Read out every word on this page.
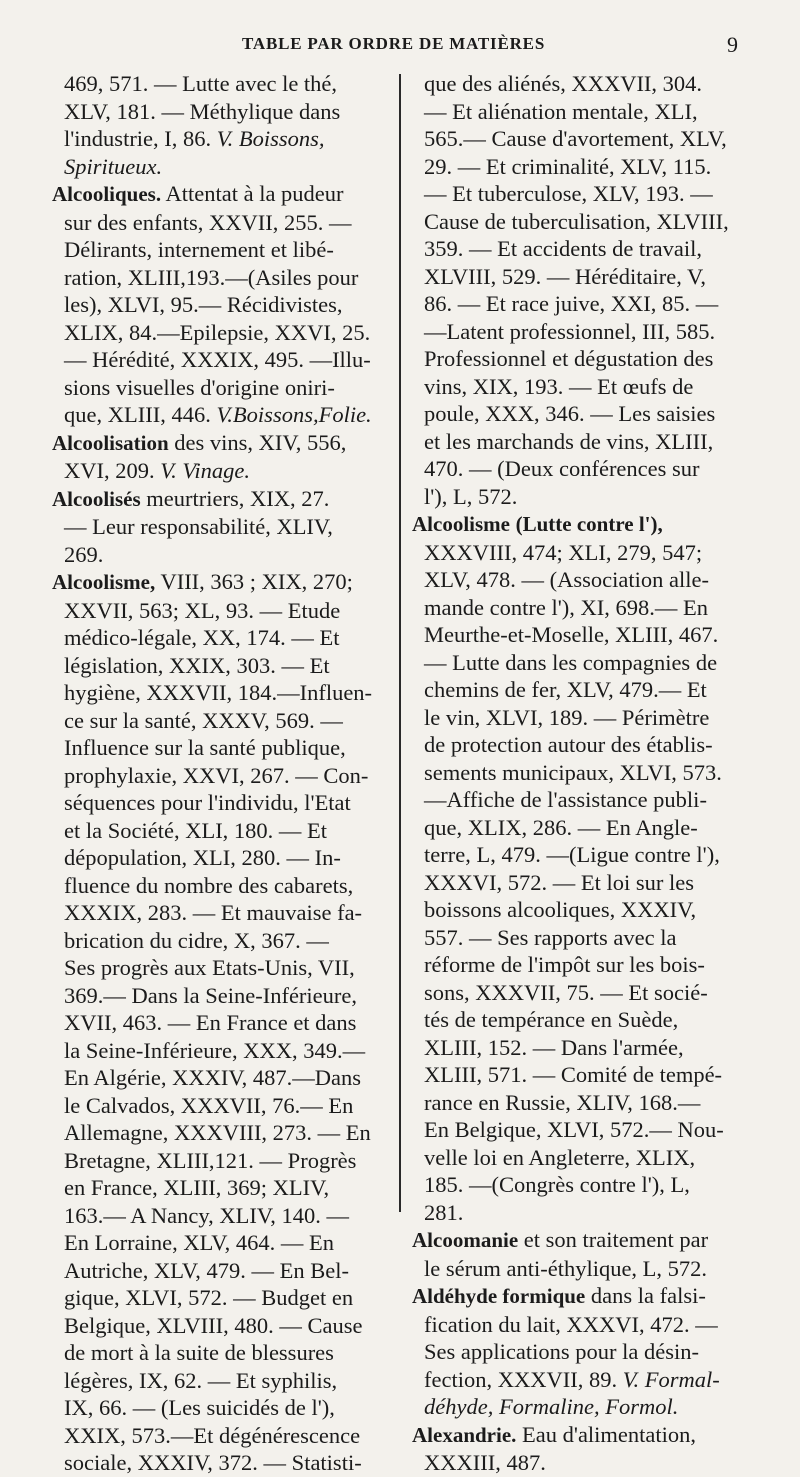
TABLE PAR ORDRE DE MATIÈRES	9
469, 571. — Lutte avec le thé,
XLV, 181. — Méthylique dans
l'industrie, I, 86. V. Boissons,
Spiritueux.
Alcooliques. Attentat à la pudeur
sur des enfants, XXVII, 255. —
Délirants, internement et libé-
ration, XLIII,193.—(Asiles pour
les), XLVI, 95.— Récidivistes,
XLIX, 84.—Epilepsie, XXVI, 25.
— Hérédité, XXXIX, 495. —Illu-
sions visuelles d'origine oniri-
que, XLIII, 446. V.Boissons,Folie.
Alcoolisation des vins, XIV, 556,
XVI, 209. V. Vinage.
Alcoolisés meurtriers, XIX, 27.
— Leur responsabilité, XLIV,
269.
Alcoolisme, VIII, 363 ; XIX, 270;
XXVII, 563; XL, 93. — Etude
médico-légale, XX, 174. — Et
législation, XXIX, 303. — Et
hygiène, XXXVII, 184.—Influen-
ce sur la santé, XXXV, 569. —
Influence sur la santé publique,
prophylaxie, XXVI, 267. — Con-
séquences pour l'individu, l'Etat
et la Société, XLI, 180. — Et
dépopulation, XLI, 280. — In-
fluence du nombre des cabarets,
XXXIX, 283. — Et mauvaise fa-
brication du cidre, X, 367. —
Ses progrès aux Etats-Unis, VII,
369.— Dans la Seine-Inférieure,
XVII, 463. — En France et dans
la Seine-Inférieure, XXX, 349.—
En Algérie, XXXIV, 487.—Dans
le Calvados, XXXVII, 76.— En
Allemagne, XXXVIII, 273. — En
Bretagne, XLIII,121. — Progrès
en France, XLIII, 369; XLIV,
163.— A Nancy, XLIV, 140. —
En Lorraine, XLV, 464. — En
Autriche, XLV, 479. — En Bel-
gique, XLVI, 572. — Budget en
Belgique, XLVIII, 480. — Cause
de mort à la suite de blessures
légères, IX, 62. — Et syphilis,
IX, 66. — (Les suicidés de l'),
XXIX, 573.—Et dégénérescence
sociale, XXXIV, 372. — Statisti-
que des aliénés, XXXVII, 304.
— Et aliénation mentale, XLI,
565.— Cause d'avortement, XLV,
29. — Et criminalité, XLV, 115.
— Et tuberculose, XLV, 193. —
Cause de tuberculisation, XLVIII,
359. — Et accidents de travail,
XLVIII, 529. — Héréditaire, V,
86. — Et race juive, XXI, 85. —
—Latent professionnel, III, 585.
Professionnel et dégustation des
vins, XIX, 193. — Et œufs de
poule, XXX, 346. — Les saisies
et les marchands de vins, XLIII,
470. — (Deux conférences sur
l'), L, 572.
Alcoolisme (Lutte contre l'),
XXXVIII, 474; XLI, 279, 547;
XLV, 478. — (Association alle-
mande contre l'), XI, 698.— En
Meurthe-et-Moselle, XLIII, 467.
— Lutte dans les compagnies de
chemins de fer, XLV, 479.— Et
le vin, XLVI, 189. — Périmètre
de protection autour des établis-
sements municipaux, XLVI, 573.
—Affiche de l'assistance publi-
que, XLIX, 286. — En Angle-
terre, L, 479. —(Ligue contre l'),
XXXVI, 572. — Et loi sur les
boissons alcooliques, XXXIV,
557. — Ses rapports avec la
réforme de l'impôt sur les bois-
sons, XXXVII, 75. — Et socié-
tés de tempérance en Suède,
XLIII, 152. — Dans l'armée,
XLIII, 571. — Comité de tempé-
rance en Russie, XLIV, 168.—
En Belgique, XLVI, 572.— Nou-
velle loi en Angleterre, XLIX,
185. —(Congrès contre l'), L,
281.
Alcoomanie et son traitement par
le sérum anti-éthylique, L, 572.
Aldéhyde formique dans la falsi-
fication du lait, XXXVI, 472. —
Ses applications pour la désin-
fection, XXXVII, 89. V. Formal-
déhyde, Formaline, Formol.
Alexandrie. Eau d'alimentation,
XXXIII, 487.
